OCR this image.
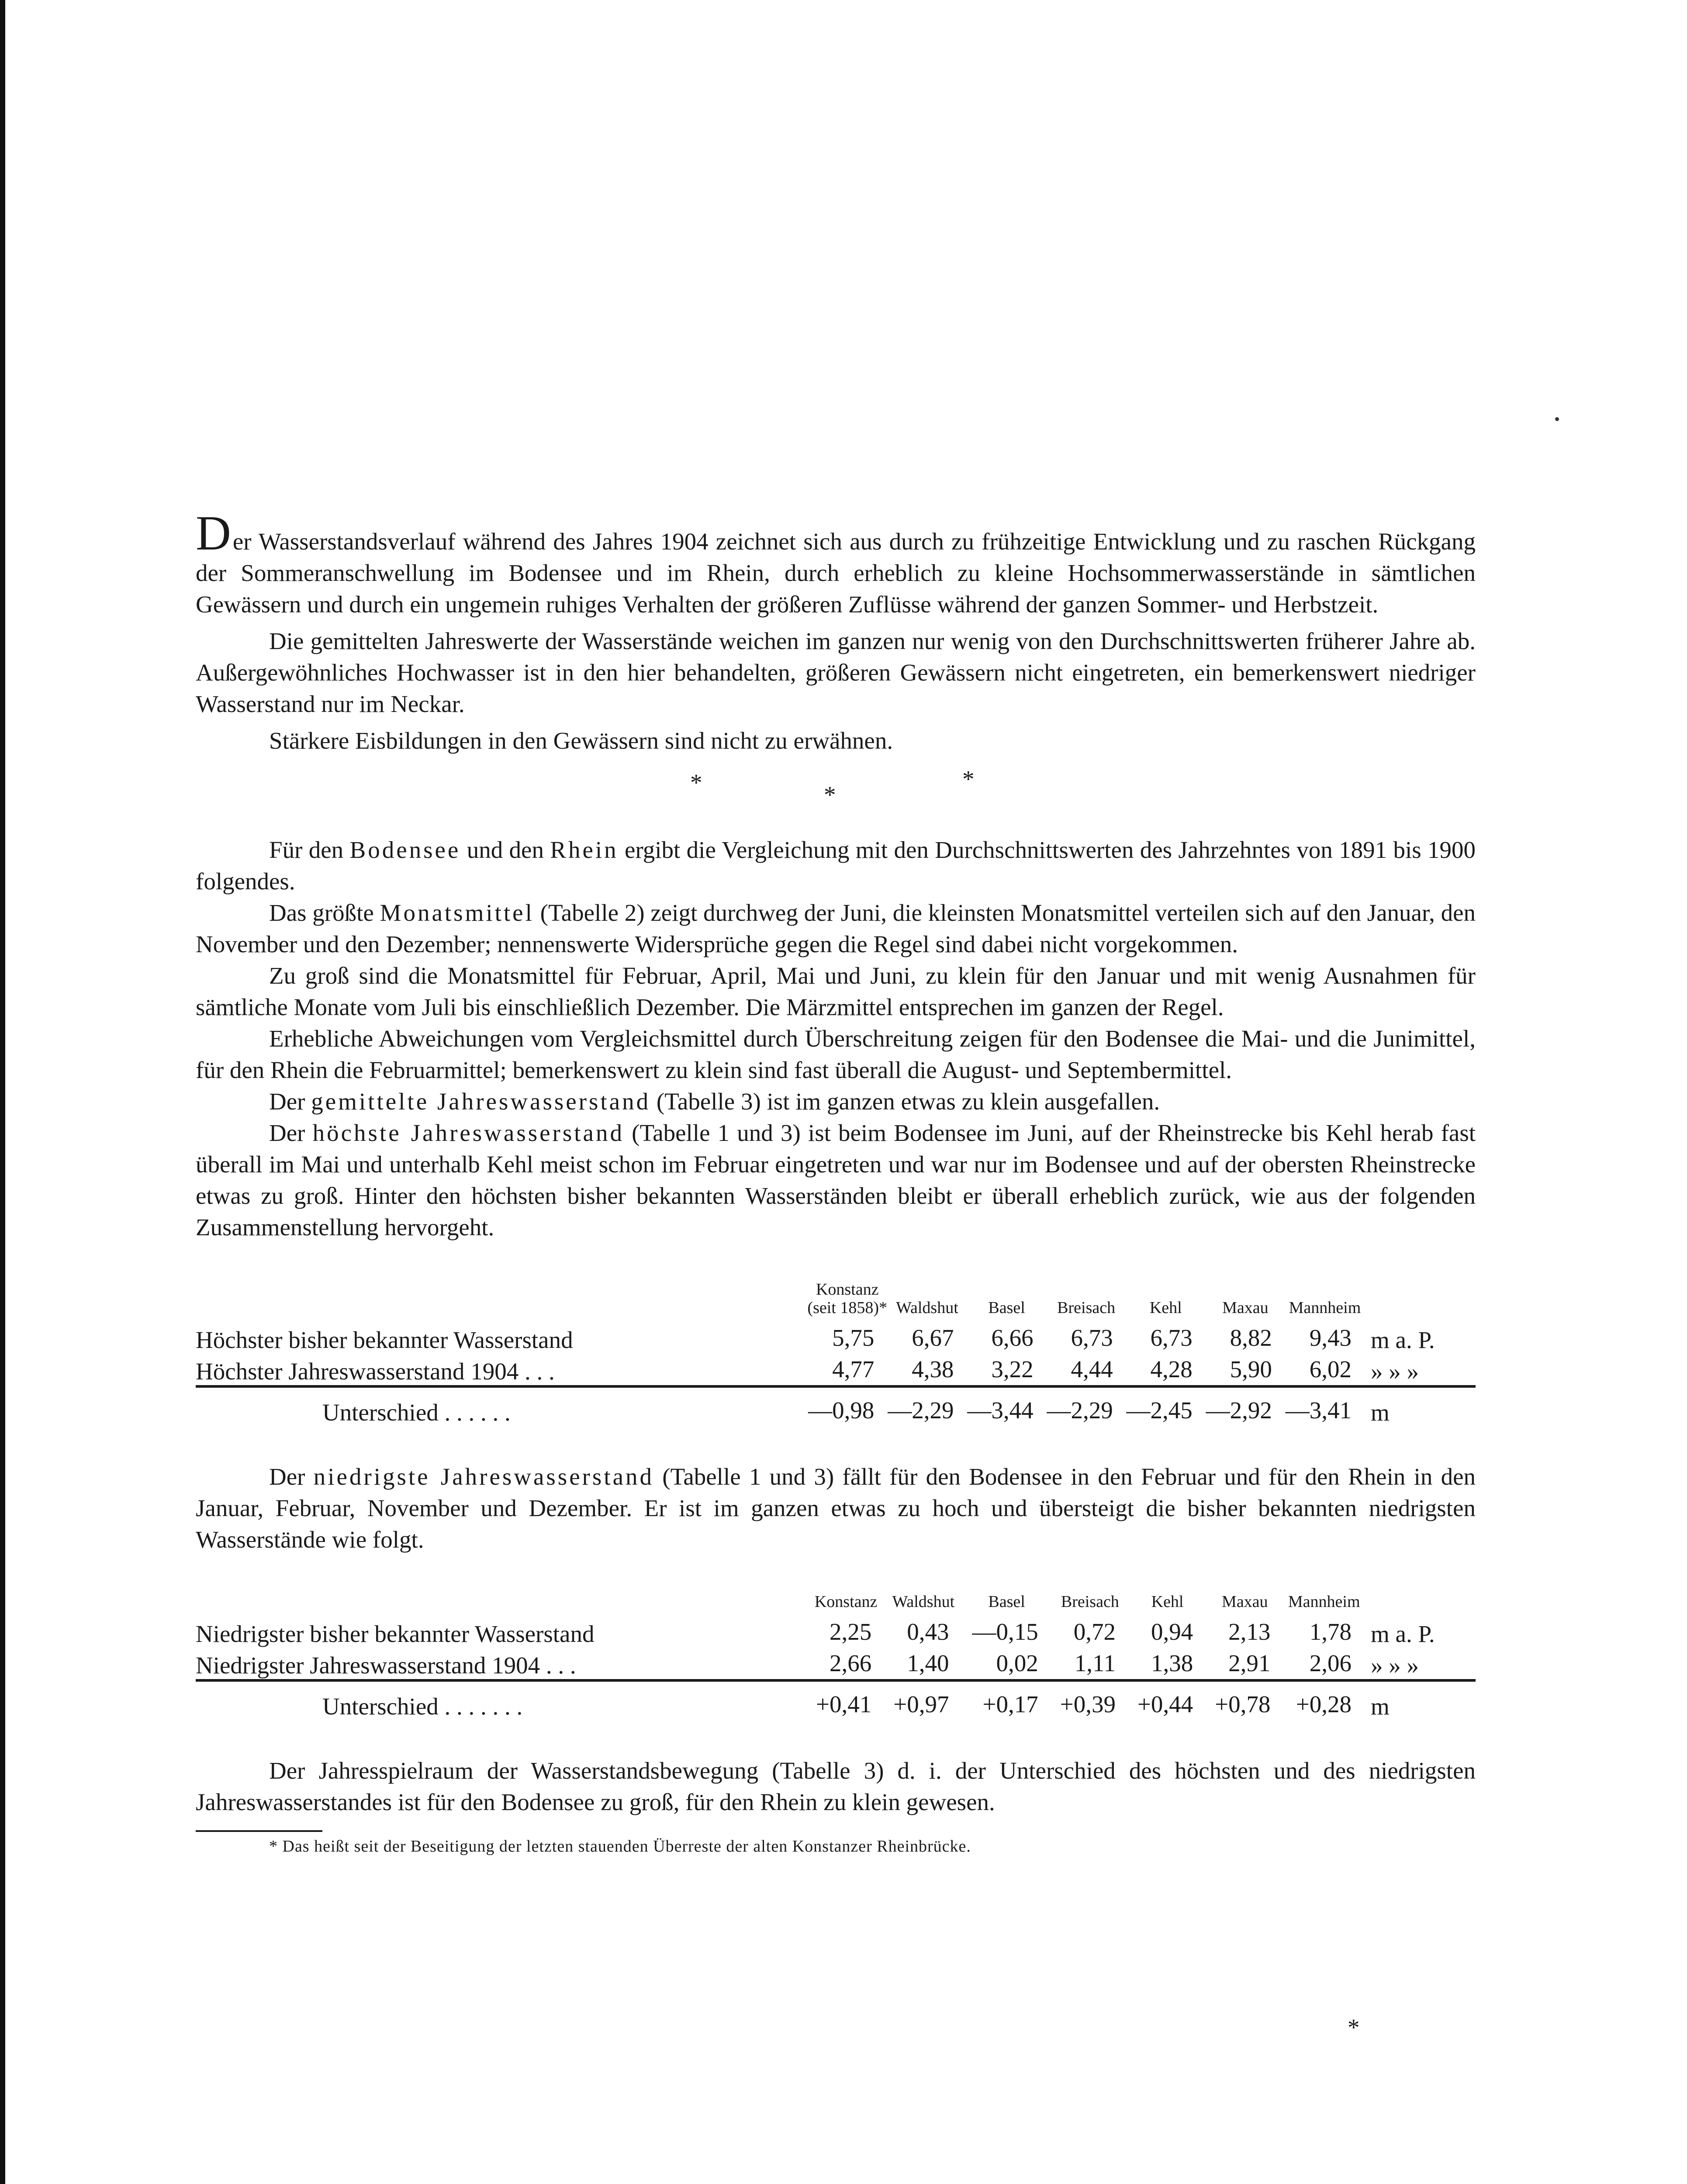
Der Wasserstandsverlauf während des Jahres 1904 zeichnet sich aus durch zu frühzeitige Entwicklung und zu raschen Rückgang der Sommeranschwellung im Bodensee und im Rhein, durch erheblich zu kleine Hochsommerwasserstände in sämtlichen Gewässern und durch ein ungemein ruhiges Verhalten der größeren Zuflüsse während der ganzen Sommer- und Herbstzeit.

Die gemittelten Jahreswerte der Wasserstände weichen im ganzen nur wenig von den Durchschnittswerten früherer Jahre ab. Außergewöhnliches Hochwasser ist in den hier behandelten, größeren Gewässern nicht eingetreten, ein bemerkenswert niedriger Wasserstand nur im Neckar.

Stärkere Eisbildungen in den Gewässern sind nicht zu erwähnen.

*	*
*

Für den Bodensee und den Rhein ergibt die Vergleichung mit den Durchschnittswerten des Jahrzehntes von 1891 bis 1900 folgendes.

Das größte Monatsmittel (Tabelle 2) zeigt durchweg der Juni, die kleinsten Monatsmittel verteilen sich auf den Januar, den November und den Dezember; nennenswerte Widersprüche gegen die Regel sind dabei nicht vorgekommen.

Zu groß sind die Monatsmittel für Februar, April, Mai und Juni, zu klein für den Januar und mit wenig Ausnahmen für sämtliche Monate vom Juli bis einschließlich Dezember. Die Märzmittel entsprechen im ganzen der Regel.

Erhebliche Abweichungen vom Vergleichsmittel durch Überschreitung zeigen für den Bodensee die Mai- und die Junimittel, für den Rhein die Februarmittel; bemerkenswert zu klein sind fast überall die August- und Septembermittel.

Der gemittelte Jahreswasserstand (Tabelle 3) ist im ganzen etwas zu klein ausgefallen.

Der höchste Jahreswasserstand (Tabelle 1 und 3) ist beim Bodensee im Juni, auf der Rheinstrecke bis Kehl herab fast überall im Mai und unterhalb Kehl meist schon im Februar eingetreten und war nur im Bodensee und auf der obersten Rheinstrecke etwas zu groß. Hinter den höchsten bisher bekannten Wasserständen bleibt er überall erheblich zurück, wie aus der folgenden Zusammenstellung hervorgeht.

	Konstanz
(seit 1858)*	Waldshut	Basel	Breisach	Kehl	Maxau	Mannheim	
Höchster bisher bekannter Wasserstand	5,75	6,67	6,66	6,73	6,73	8,82	9,43	m a. P.
Höchster Jahreswasserstand 1904 . . .	4,77	4,38	3,22	4,44	4,28	5,90	6,02	» » »
Unterschied . . . . . .	—0,98	—2,29	—3,44	—2,29	—2,45	—2,92	—3,41	m

Der niedrigste Jahreswasserstand (Tabelle 1 und 3) fällt für den Bodensee in den Februar und für den Rhein in den Januar, Februar, November und Dezember. Er ist im ganzen etwas zu hoch und übersteigt die bisher bekannten niedrigsten Wasserstände wie folgt.

	Konstanz	Waldshut	Basel	Breisach	Kehl	Maxau	Mannheim	
Niedrigster bisher bekannter Wasserstand	2,25	0,43	—0,15	0,72	0,94	2,13	1,78	m a. P.
Niedrigster Jahreswasserstand 1904 . . .	2,66	1,40	0,02	1,11	1,38	2,91	2,06	» » »
Unterschied . . . . . . .	+0,41	+0,97	+0,17	+0,39	+0,44	+0,78	+0,28	m

Der Jahresspielraum der Wasserstandsbewegung (Tabelle 3) d. i. der Unterschied des höchsten und des niedrigsten Jahreswasserstandes ist für den Bodensee zu groß, für den Rhein zu klein gewesen.

* Das heißt seit der Beseitigung der letzten stauenden Überreste der alten Konstanzer Rheinbrücke.
*
